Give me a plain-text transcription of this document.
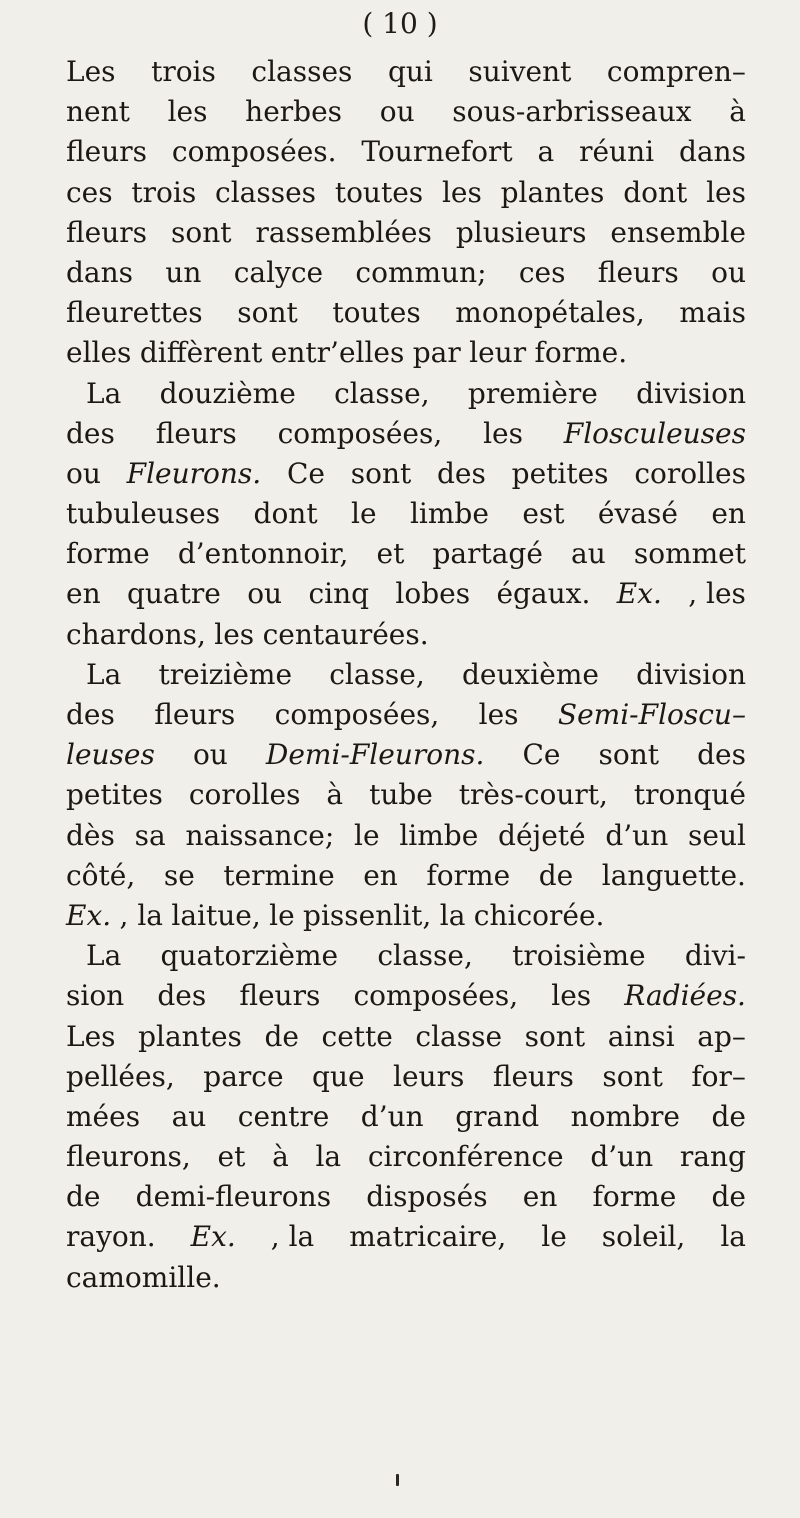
( 10 )
Les trois classes qui suivent compren–
nent les herbes ou sous-arbrisseaux à
fleurs composées. Tournefort a réuni dans
ces trois classes toutes les plantes dont les
fleurs sont rassemblées plusieurs ensemble
dans un calyce commun; ces fleurs ou
fleurettes sont toutes monopétales, mais
elles diffèrent entr’elles par leur forme.
La douzième classe, première division
des fleurs composées, les Flosculeuses
ou Fleurons. Ce sont des petites corolles
tubuleuses dont le limbe est évasé en
forme d’entonnoir, et partagé au sommet
en quatre ou cinq lobes égaux. Ex. , les
chardons, les centaurées.
La treizième classe, deuxième division
des fleurs composées, les Semi-Floscu–
leuses ou Demi-Fleurons. Ce sont des
petites corolles à tube très-court, tronqué
dès sa naissance; le limbe déjeté d’un seul
côté, se termine en forme de languette.
Ex. , la laitue, le pissenlit, la chicorée.
La quatorzième classe, troisième divi-
sion des fleurs composées, les Radiées.
Les plantes de cette classe sont ainsi ap–
pellées, parce que leurs fleurs sont for–
mées au centre d’un grand nombre de
fleurons, et à la circonférence d’un rang
de demi-fleurons disposés en forme de
rayon. Ex. , la matricaire, le soleil, la
camomille.
